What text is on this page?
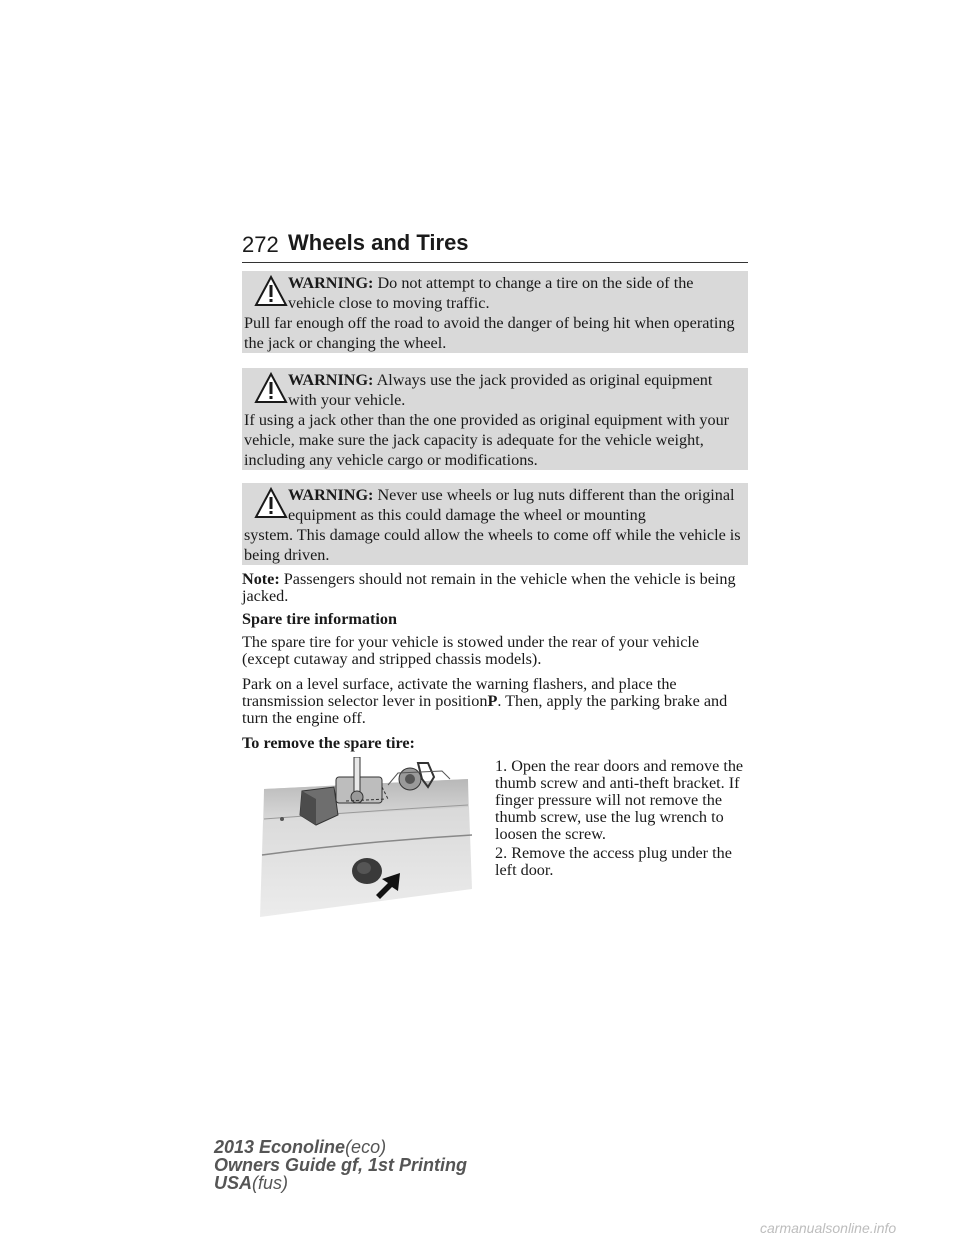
272 Wheels and Tires
WARNING: Do not attempt to change a tire on the side of the vehicle close to moving traffic.
Pull far enough off the road to avoid the danger of being hit when operating the jack or changing the wheel.
WARNING: Always use the jack provided as original equipment with your vehicle.
If using a jack other than the one provided as original equipment with your vehicle, make sure the jack capacity is adequate for the vehicle weight, including any vehicle cargo or modifications.
WARNING: Never use wheels or lug nuts different than the original equipment as this could damage the wheel or mounting
system. This damage could allow the wheels to come off while the vehicle is being driven.
Note: Passengers should not remain in the vehicle when the vehicle is being jacked.
Spare tire information
The spare tire for your vehicle is stowed under the rear of your vehicle (except cutaway and stripped chassis models).
Park on a level surface, activate the warning flashers, and place the transmission selector lever in positionP. Then, apply the parking brake and turn the engine off.
To remove the spare tire:
1. Open the rear doors and remove the thumb screw and anti-theft bracket. If finger pressure will not remove the thumb screw, use the lug wrench to loosen the screw.
2. Remove the access plug under the left door.
2013 Econoline(eco)
Owners Guide gf, 1st Printing
USA(fus)
carmanualsonline.info
